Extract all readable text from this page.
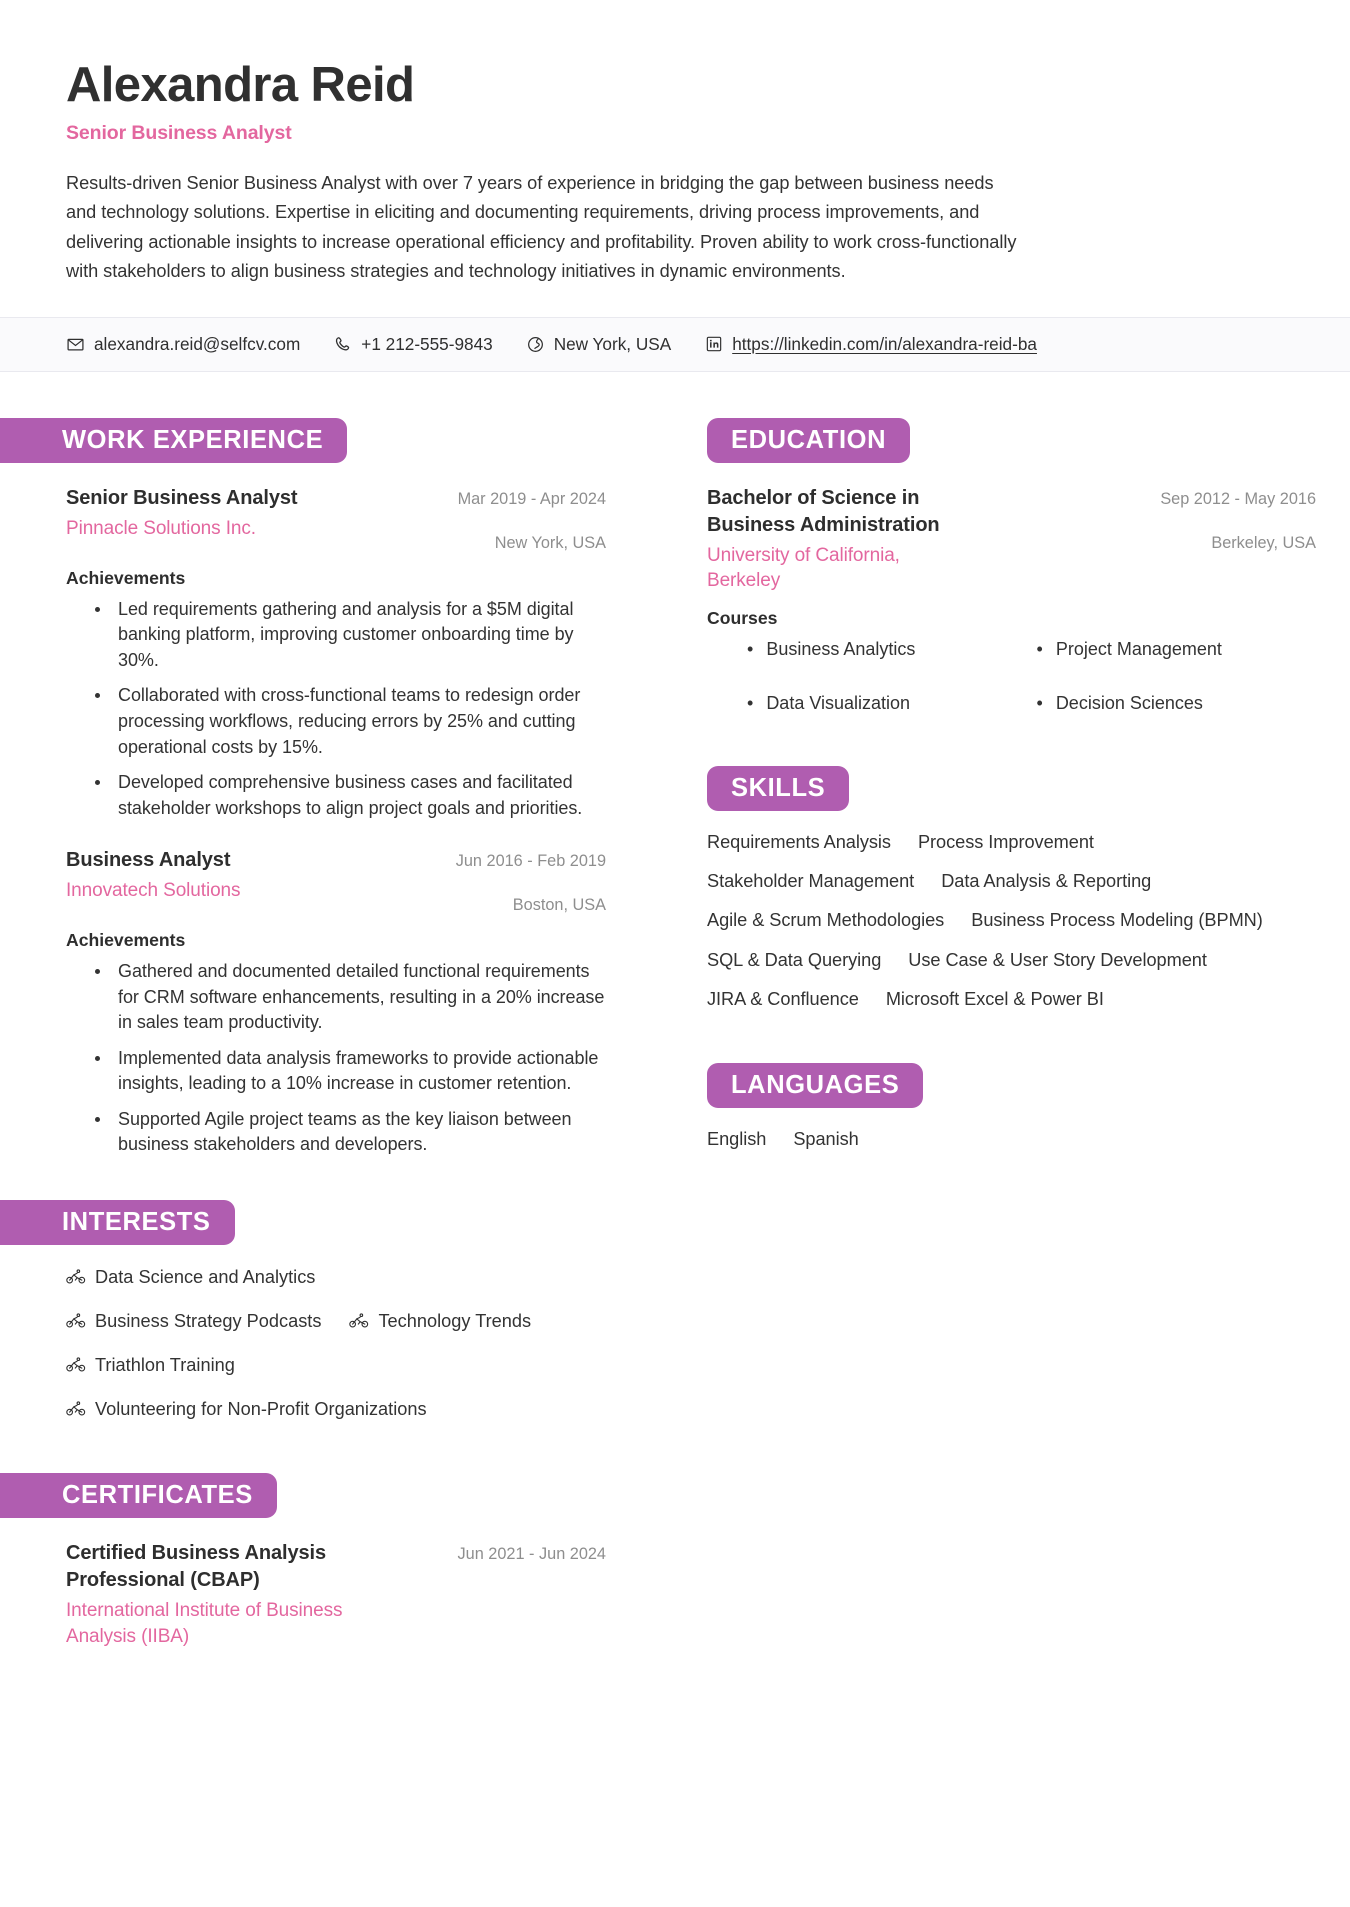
Alexandra Reid
Senior Business Analyst
Results-driven Senior Business Analyst with over 7 years of experience in bridging the gap between business needs and technology solutions. Expertise in eliciting and documenting requirements, driving process improvements, and delivering actionable insights to increase operational efficiency and profitability. Proven ability to work cross-functionally with stakeholders to align business strategies and technology initiatives in dynamic environments.
alexandra.reid@selfcv.com	+1 212-555-9843	New York, USA	https://linkedin.com/in/alexandra-reid-ba
WORK EXPERIENCE
Senior Business Analyst
Pinnacle Solutions Inc.
Mar 2019 - Apr 2024
New York, USA
Achievements
• Led requirements gathering and analysis for a $5M digital banking platform, improving customer onboarding time by 30%.
• Collaborated with cross-functional teams to redesign order processing workflows, reducing errors by 25% and cutting operational costs by 15%.
• Developed comprehensive business cases and facilitated stakeholder workshops to align project goals and priorities.
Business Analyst
Innovatech Solutions
Jun 2016 - Feb 2019
Boston, USA
Achievements
• Gathered and documented detailed functional requirements for CRM software enhancements, resulting in a 20% increase in sales team productivity.
• Implemented data analysis frameworks to provide actionable insights, leading to a 10% increase in customer retention.
• Supported Agile project teams as the key liaison between business stakeholders and developers.
INTERESTS
Data Science and Analytics
Business Strategy Podcasts	Technology Trends
Triathlon Training
Volunteering for Non-Profit Organizations
CERTIFICATES
Certified Business Analysis Professional (CBAP)
International Institute of Business Analysis (IIBA)
Jun 2021 - Jun 2024
EDUCATION
Bachelor of Science in Business Administration
University of California, Berkeley
Sep 2012 - May 2016
Berkeley, USA
Courses
• Business Analytics	• Project Management
• Data Visualization	• Decision Sciences
SKILLS
Requirements Analysis Process Improvement
Stakeholder Management Data Analysis & Reporting
Agile & Scrum Methodologies Business Process Modeling (BPMN)
SQL & Data Querying Use Case & User Story Development
JIRA & Confluence Microsoft Excel & Power BI
LANGUAGES
English Spanish
